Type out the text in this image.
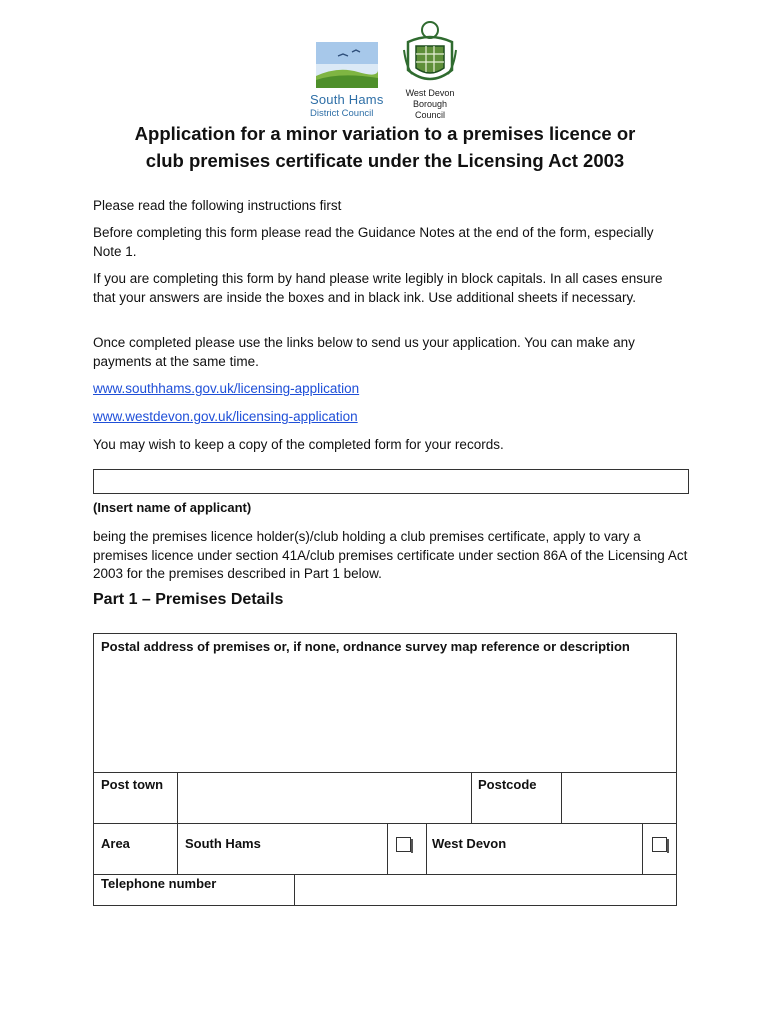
South Hams
District Council
West Devon
Borough
Council
Application for a minor variation to a premises licence or
club premises certificate under the Licensing Act 2003

Please read the following instructions first

Before completing this form please read the Guidance Notes at the end of the form, especially Note 1.

If you are completing this form by hand please write legibly in block capitals. In all cases ensure that your answers are inside the boxes and in black ink. Use additional sheets if necessary.

Once completed please use the links below to send us your application. You can make any payments at the same time.

www.southhams.gov.uk/licensing-application

www.westdevon.gov.uk/licensing-application

You may wish to keep a copy of the completed form for your records.

(Insert name of applicant)

being the premises licence holder(s)/club holding a club premises certificate, apply to vary a premises licence under section 41A/club premises certificate under section 86A of the Licensing Act 2003 for the premises described in Part 1 below.

Part 1 – Premises Details
Postal address of premises or, if none, ordnance survey map reference or description
Post town	Postcode
Area	South Hams	West Devon
Telephone number
